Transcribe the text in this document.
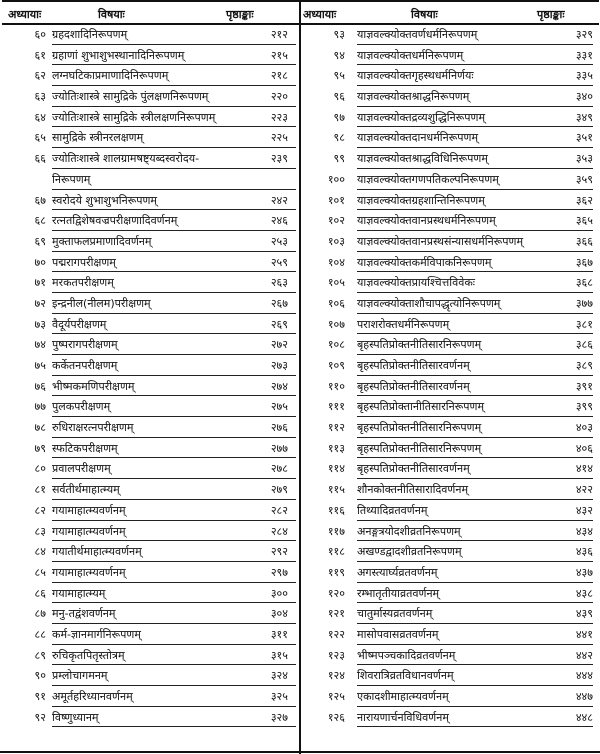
अध्यायाः	विषयाः	पृष्ठाङ्काः
६० ग्रहदशादिनिरूपणम्	२१२
६१ ग्रहाणां शुभाशुभस्थानादिनिरूपणम्	२१५
६२ लग्नघटिकाप्रमाणादिनिरूपणम्	२१८
६३ ज्योतिःशास्त्रे सामुद्रिके पुंलक्षणनिरूपणम्	२२०
६४ ज्योतिःशास्त्रे सामुद्रिके स्त्रीलक्षणनिरूपणम्	२२३
६५ सामुद्रिके स्त्रीनरलक्षणम्	२२५
६६ ज्योतिःशास्त्रे शालग्रामषष्ट्यब्दस्वरोदय-	२३९
निरूपणम्
६७ स्वरोदये शुभाशुभनिरूपणम्	२४२
६८ रत्नतद्विशेषवज्रपरीक्षणादिवर्णनम्	२४६
६९ मुक्ताफलप्रमाणादिवर्णनम्	२५३
७० पद्मरागपरीक्षणम्	२५९
७१ मरकतपरीक्षणम्	२६३
७२ इन्द्रनील(नीलम)परीक्षणम्	२६७
७३ वैदूर्यपरीक्षणम्	२६९
७४ पुष्परागपरीक्षणम्	२७२
७५ कर्केतनपरीक्षणम्	२७३
७६ भीष्मकमणिपरीक्षणम्	२७४
७७ पुलकपरीक्षणम्	२७५
७८ रुधिराक्षरत्नपरीक्षणम्	२७६
७९ स्फटिकपरीक्षणम्	२७७
८० प्रवालपरीक्षणम्	२७८
८१ सर्वतीर्थमाहात्म्यम्	२७९
८२ गयामाहात्म्यवर्णनम्	२८२
८३ गयामाहात्म्यवर्णनम्	२८४
८४ गयातीर्थमाहात्म्यवर्णनम्	२९२
८५ गयामाहात्म्यवर्णनम्	२९७
८६ गयामाहात्म्यम्	३००
८७ मनु-तद्वंशवर्णनम्	३०४
८८ कर्म-ज्ञानमार्गनिरूपणम्	३११
८९ रुचिकृतपितृस्तोत्रम्	३१५
९० प्रम्लोचागमनम्	३२४
९१ अमूर्तहरिध्यानवर्णनम्	३२५
९२ विष्णुध्यानम्	३२७
अध्यायाः	विषयाः	पृष्ठाङ्काः
९३ याज्ञवल्क्योक्तवर्णधर्मनिरूपणम्	३२९
९४ याज्ञवल्क्योक्तधर्मनिरूपणम्	३३१
९५ याज्ञवल्क्योक्तगृहस्थधर्मनिर्णयः	३३५
९६ याज्ञवल्क्योक्तश्राद्धनिरूपणम्	३४०
९७ याज्ञवल्क्योक्तद्रव्यशुद्धिनिरूपणम्	३४९
९८ याज्ञवल्क्योक्तदानधर्मनिरूपणम्	३५१
९९ याज्ञवल्क्योक्तश्राद्धविधिनिरूपणम्	३५३
१०० याज्ञवल्क्योक्तगणपतिकल्पनिरूपणम्	३५९
१०१ याज्ञवल्क्योक्तग्रहशान्तिनिरूपणम्	३६२
१०२ याज्ञवल्क्योक्तवानप्रस्थधर्मनिरूपणम्	३६५
१०३ याज्ञवल्क्योक्तवानप्रस्थसंन्यासधर्मनिरूपणम्	३६६
१०४ याज्ञवल्क्योक्तकर्मविपाकनिरूपणम्	३६७
१०५ याज्ञवल्क्योक्तप्रायश्चित्तविवेकः	३६८
१०६ याज्ञवल्क्योक्ताशौचापद्धृत्योनिरूपणम्	३७७
१०७ पराशरोक्तधर्मनिरूपणम्	३८१
१०८ बृहस्पतिप्रोक्तनीतिसारनिरूपणम्	३८६
१०९ बृहस्पतिप्रोक्तनीतिसारवर्णनम्	३८९
११० बृहस्पतिप्रोक्तनीतिसारवर्णनम्	३९१
१११ बृहस्पतिप्रोक्तानीतिसारनिरूपणम्	३९९
११२ बृहस्पतिप्रोक्तनीतिसारनिरूपणम्	४०३
११३ बृहस्पतिप्रोक्तनीतिसारनिरूपणम्	४०६
११४ बृहस्पतिप्रोक्तनीतिसारवर्णनम्	४१४
११५ शौनकोक्तनीतिसारादिवर्णनम्	४२२
११६ तिथ्यादिव्रतवर्णनम्	४३२
११७ अनङ्गत्रयोदशीव्रतनिरूपणम्	४३४
११८ अखण्डद्वादशीव्रतनिरूपणम्	४३६
११९ अगस्त्यार्घ्यव्रतवर्णनम्	४३७
१२० रम्भातृतीयाव्रतवर्णनम्	४३८
१२१ चातुर्मास्यव्रतवर्णनम्	४३९
१२२ मासोपवासव्रतवर्णनम्	४४१
१२३ भीष्मपञ्चकादिव्रतवर्णनम्	४४२
१२४ शिवरात्रिव्रतविधानवर्णनम्	४४४
१२५ एकादशीमाहात्म्यवर्णनम्	४४७
१२६ नारायणार्चनविधिवर्णनम्	४४८
